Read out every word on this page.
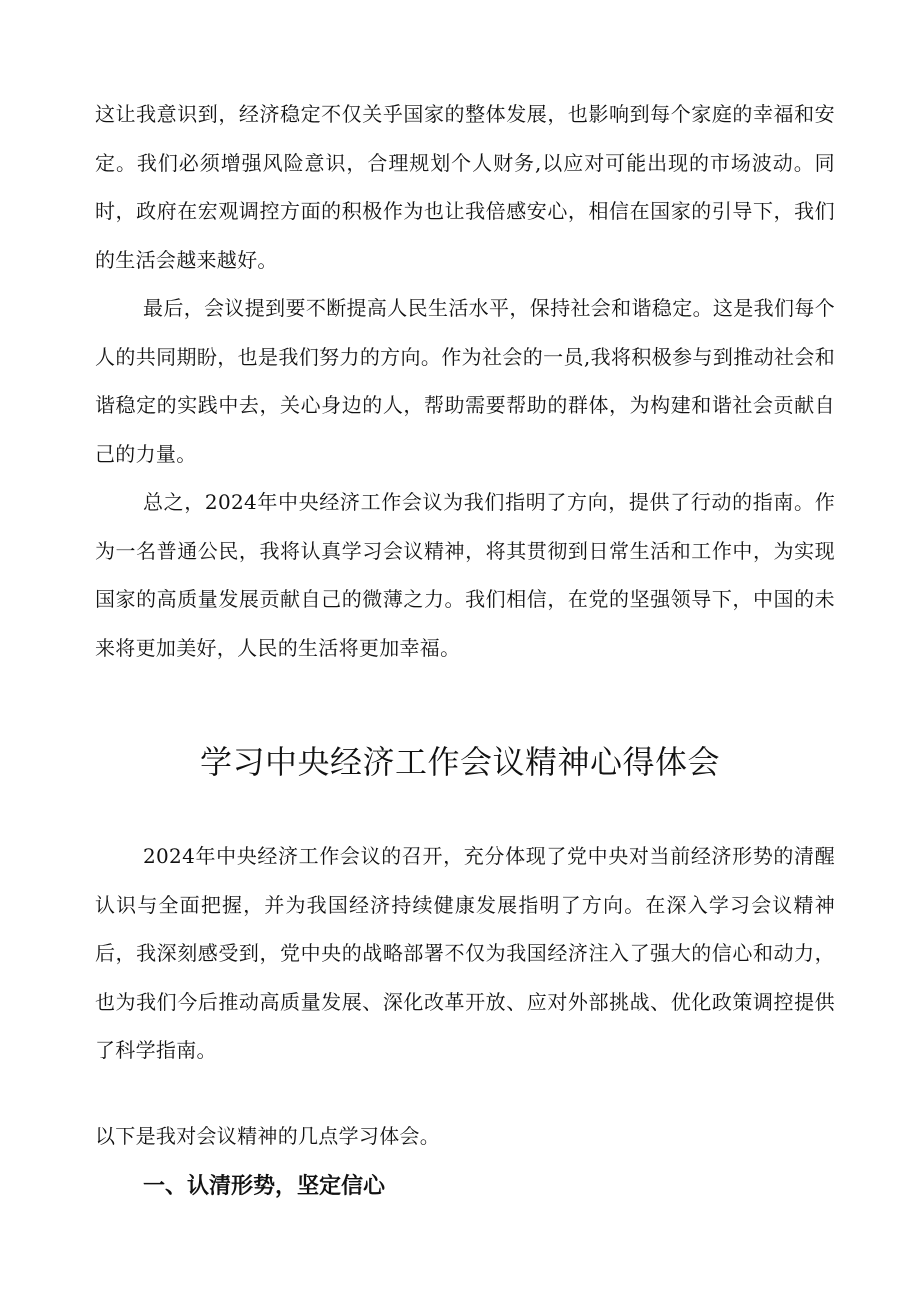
这让我意识到，经济稳定不仅关乎国家的整体发展，也影响到每个家庭的幸福和安定。我们必须增强风险意识，合理规划个人财务,以应对可能出现的市场波动。同时，政府在宏观调控方面的积极作为也让我倍感安心，相信在国家的引导下，我们的生活会越来越好。

最后，会议提到要不断提高人民生活水平，保持社会和谐稳定。这是我们每个人的共同期盼，也是我们努力的方向。作为社会的一员,我将积极参与到推动社会和谐稳定的实践中去，关心身边的人，帮助需要帮助的群体，为构建和谐社会贡献自己的力量。

总之，2024年中央经济工作会议为我们指明了方向，提供了行动的指南。作为一名普通公民，我将认真学习会议精神，将其贯彻到日常生活和工作中，为实现国家的高质量发展贡献自己的微薄之力。我们相信，在党的坚强领导下，中国的未来将更加美好，人民的生活将更加幸福。

学习中央经济工作会议精神心得体会

2024年中央经济工作会议的召开，充分体现了党中央对当前经济形势的清醒认识与全面把握，并为我国经济持续健康发展指明了方向。在深入学习会议精神后，我深刻感受到，党中央的战略部署不仅为我国经济注入了强大的信心和动力，也为我们今后推动高质量发展、深化改革开放、应对外部挑战、优化政策调控提供了科学指南。

以下是我对会议精神的几点学习体会。

一、认清形势，坚定信心
